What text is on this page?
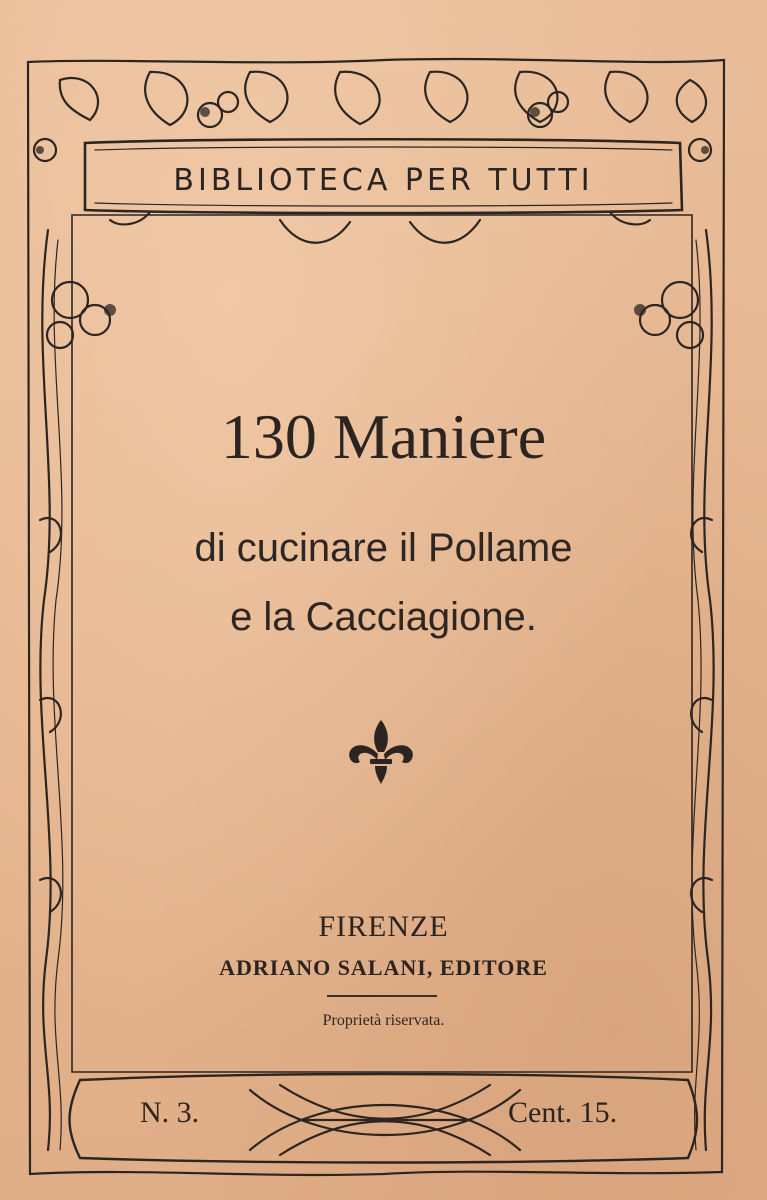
BIBLIOTECA PER TUTTI
130 Maniere
di cucinare il Pollame
e la Cacciagione.
FIRENZE
ADRIANO SALANI, EDITORE
Proprietà riservata.
N. 3.	Cent. 15.
